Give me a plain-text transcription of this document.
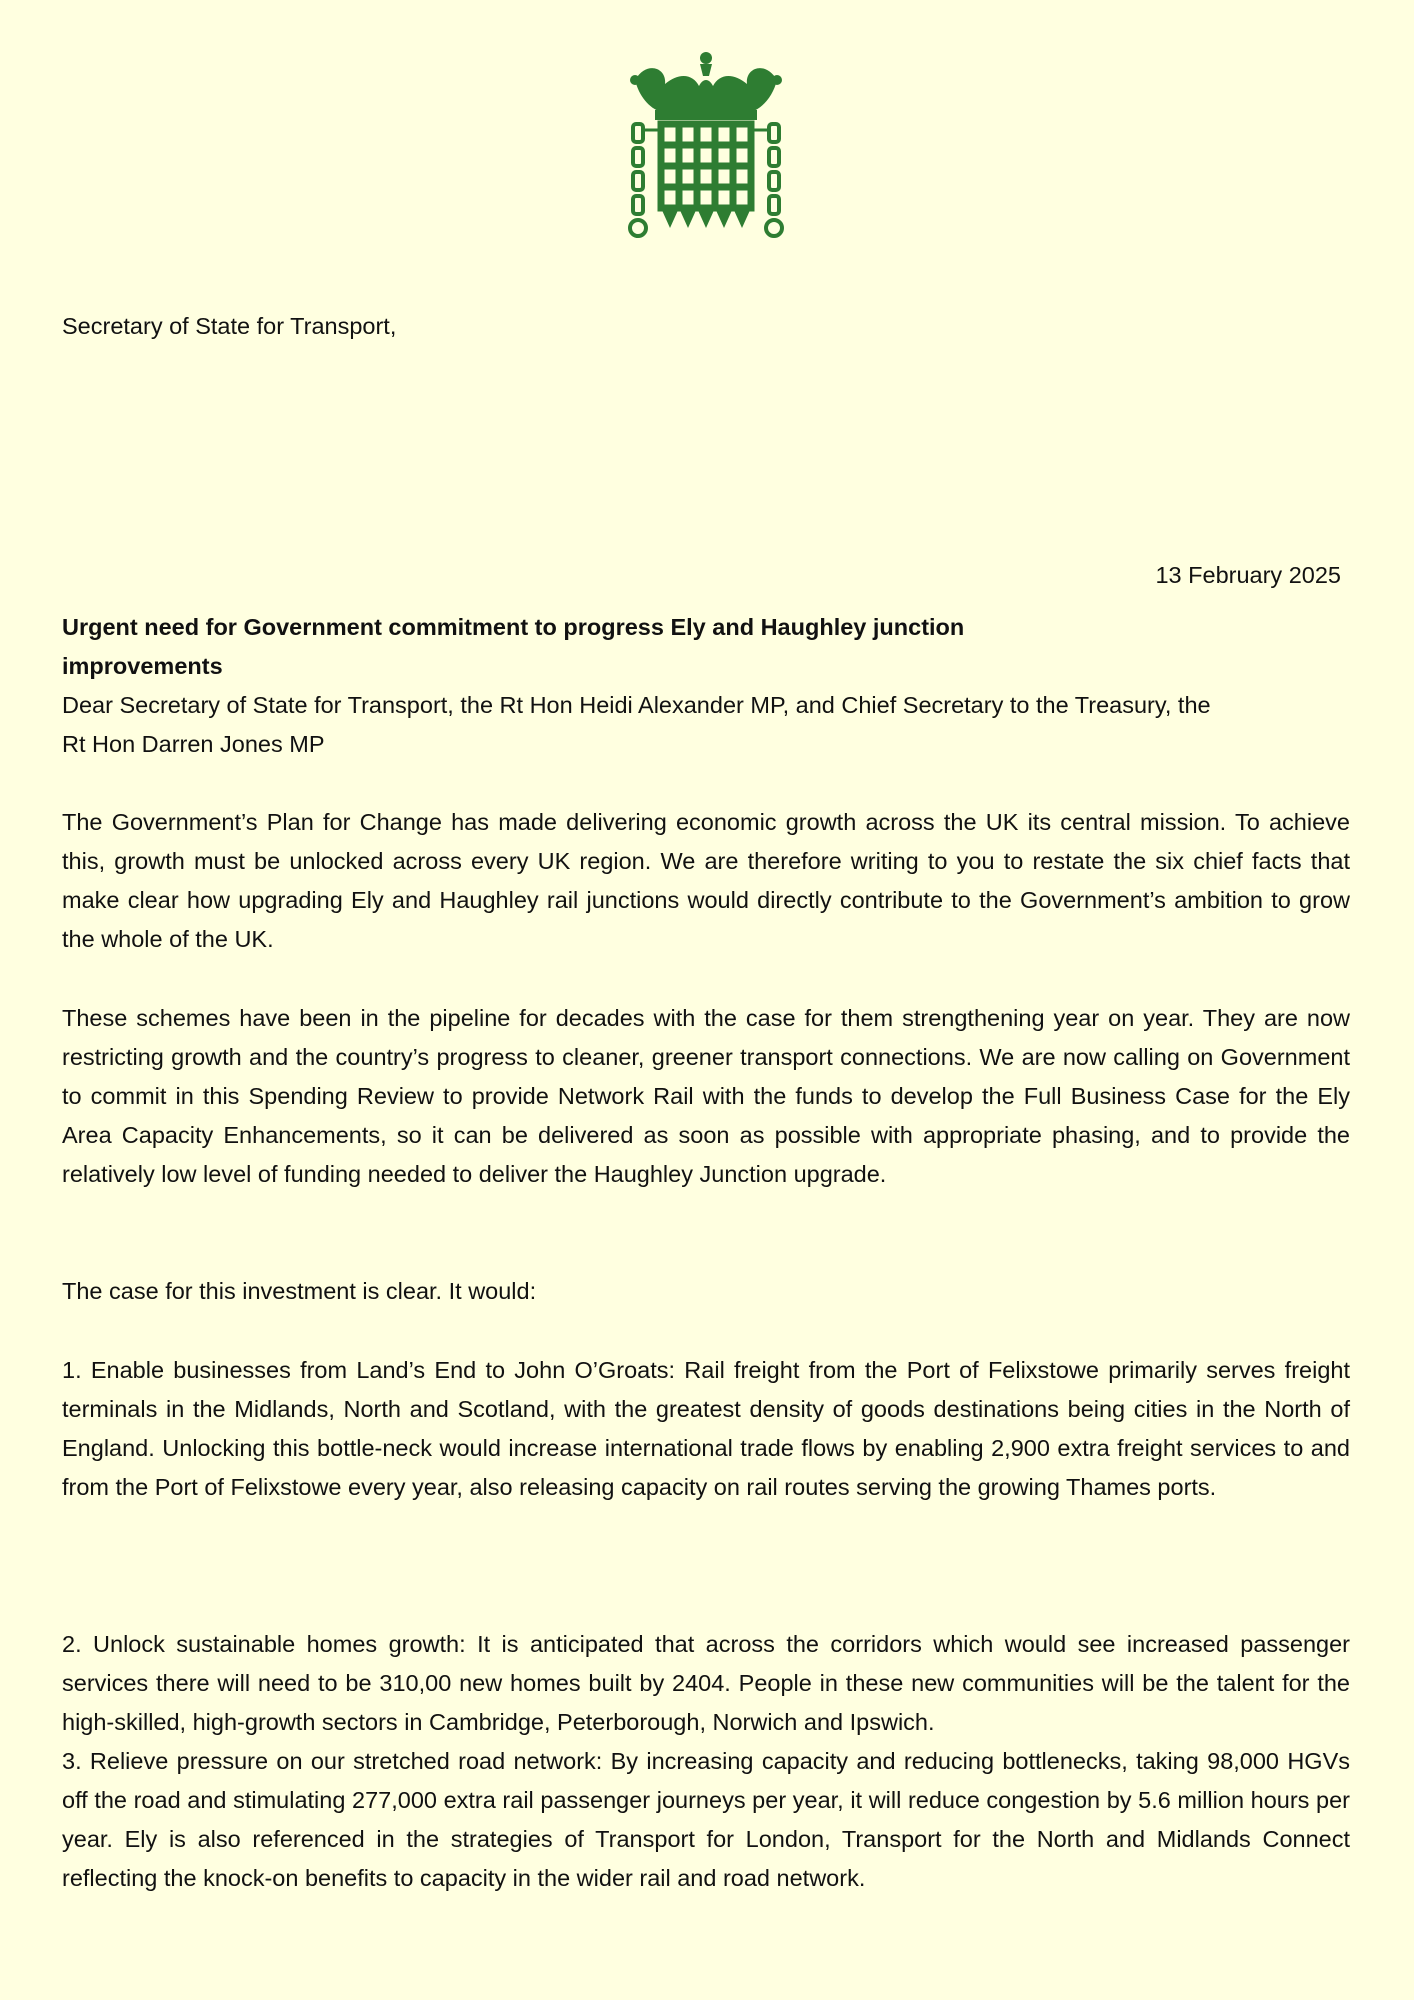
Secretary of State for Transport,
13 February 2025
Urgent need for Government commitment to progress Ely and Haughley junction improvements
Dear Secretary of State for Transport, the Rt Hon Heidi Alexander MP, and Chief Secretary to the Treasury, the Rt Hon Darren Jones MP

The Government’s Plan for Change has made delivering economic growth across the UK its central mission. To achieve this, growth must be unlocked across every UK region. We are therefore writing to you to restate the six chief facts that make clear how upgrading Ely and Haughley rail junctions would directly contribute to the Government’s ambition to grow the whole of the UK.

These schemes have been in the pipeline for decades with the case for them strengthening year on year. They are now restricting growth and the country’s progress to cleaner, greener transport connections. We are now calling on Government to commit in this Spending Review to provide Network Rail with the funds to develop the Full Business Case for the Ely Area Capacity Enhancements, so it can be delivered as soon as possible with appropriate phasing, and to provide the relatively low level of funding needed to deliver the Haughley Junction upgrade.

The case for this investment is clear. It would:

1. Enable businesses from Land’s End to John O’Groats: Rail freight from the Port of Felixstowe primarily serves freight terminals in the Midlands, North and Scotland, with the greatest density of goods destinations being cities in the North of England. Unlocking this bottle-neck would increase international trade flows by enabling 2,900 extra freight services to and from the Port of Felixstowe every year, also releasing capacity on rail routes serving the growing Thames ports.

2. Unlock sustainable homes growth: It is anticipated that across the corridors which would see increased passenger services there will need to be 310,00 new homes built by 2404. People in these new communities will be the talent for the high-skilled, high-growth sectors in Cambridge, Peterborough, Norwich and Ipswich.

3. Relieve pressure on our stretched road network: By increasing capacity and reducing bottlenecks, taking 98,000 HGVs off the road and stimulating 277,000 extra rail passenger journeys per year, it will reduce congestion by 5.6 million hours per year. Ely is also referenced in the strategies of Transport for London, Transport for the North and Midlands Connect reflecting the knock-on benefits to capacity in the wider rail and road network.
